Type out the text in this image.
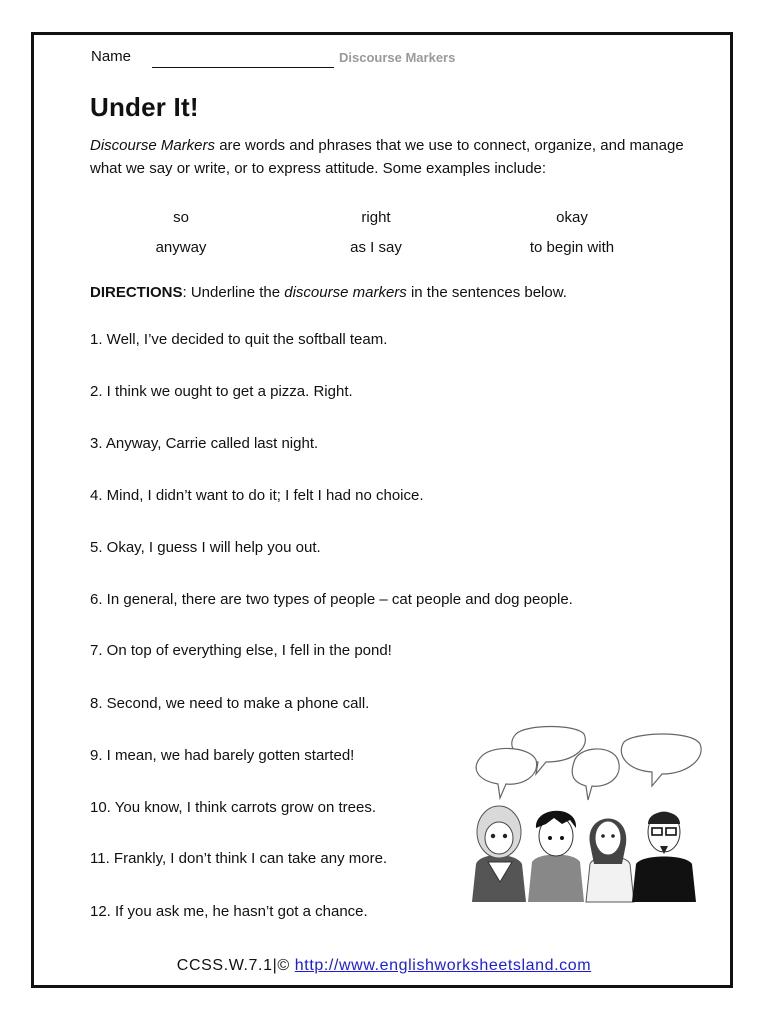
Name	Discourse Markers
Under It!
Discourse Markers are words and phrases that we use to connect, organize, and manage what we say or write, or to express attitude. Some examples include:
so	right	okay
anyway	as I say	to begin with
DIRECTIONS: Underline the discourse markers in the sentences below.
1. Well, I’ve decided to quit the softball team.
2. I think we ought to get a pizza. Right.
3. Anyway, Carrie called last night.
4. Mind, I didn’t want to do it; I felt I had no choice.
5. Okay, I guess I will help you out.
6. In general, there are two types of people – cat people and dog people.
7. On top of everything else, I fell in the pond!
8. Second, we need to make a phone call.
9. I mean, we had barely gotten started!
10. You know, I think carrots grow on trees.
11. Frankly, I don’t think I can take any more.
12. If you ask me, he hasn’t got a chance.
CCSS.W.7.1|© http://www.englishworksheetsland.com
